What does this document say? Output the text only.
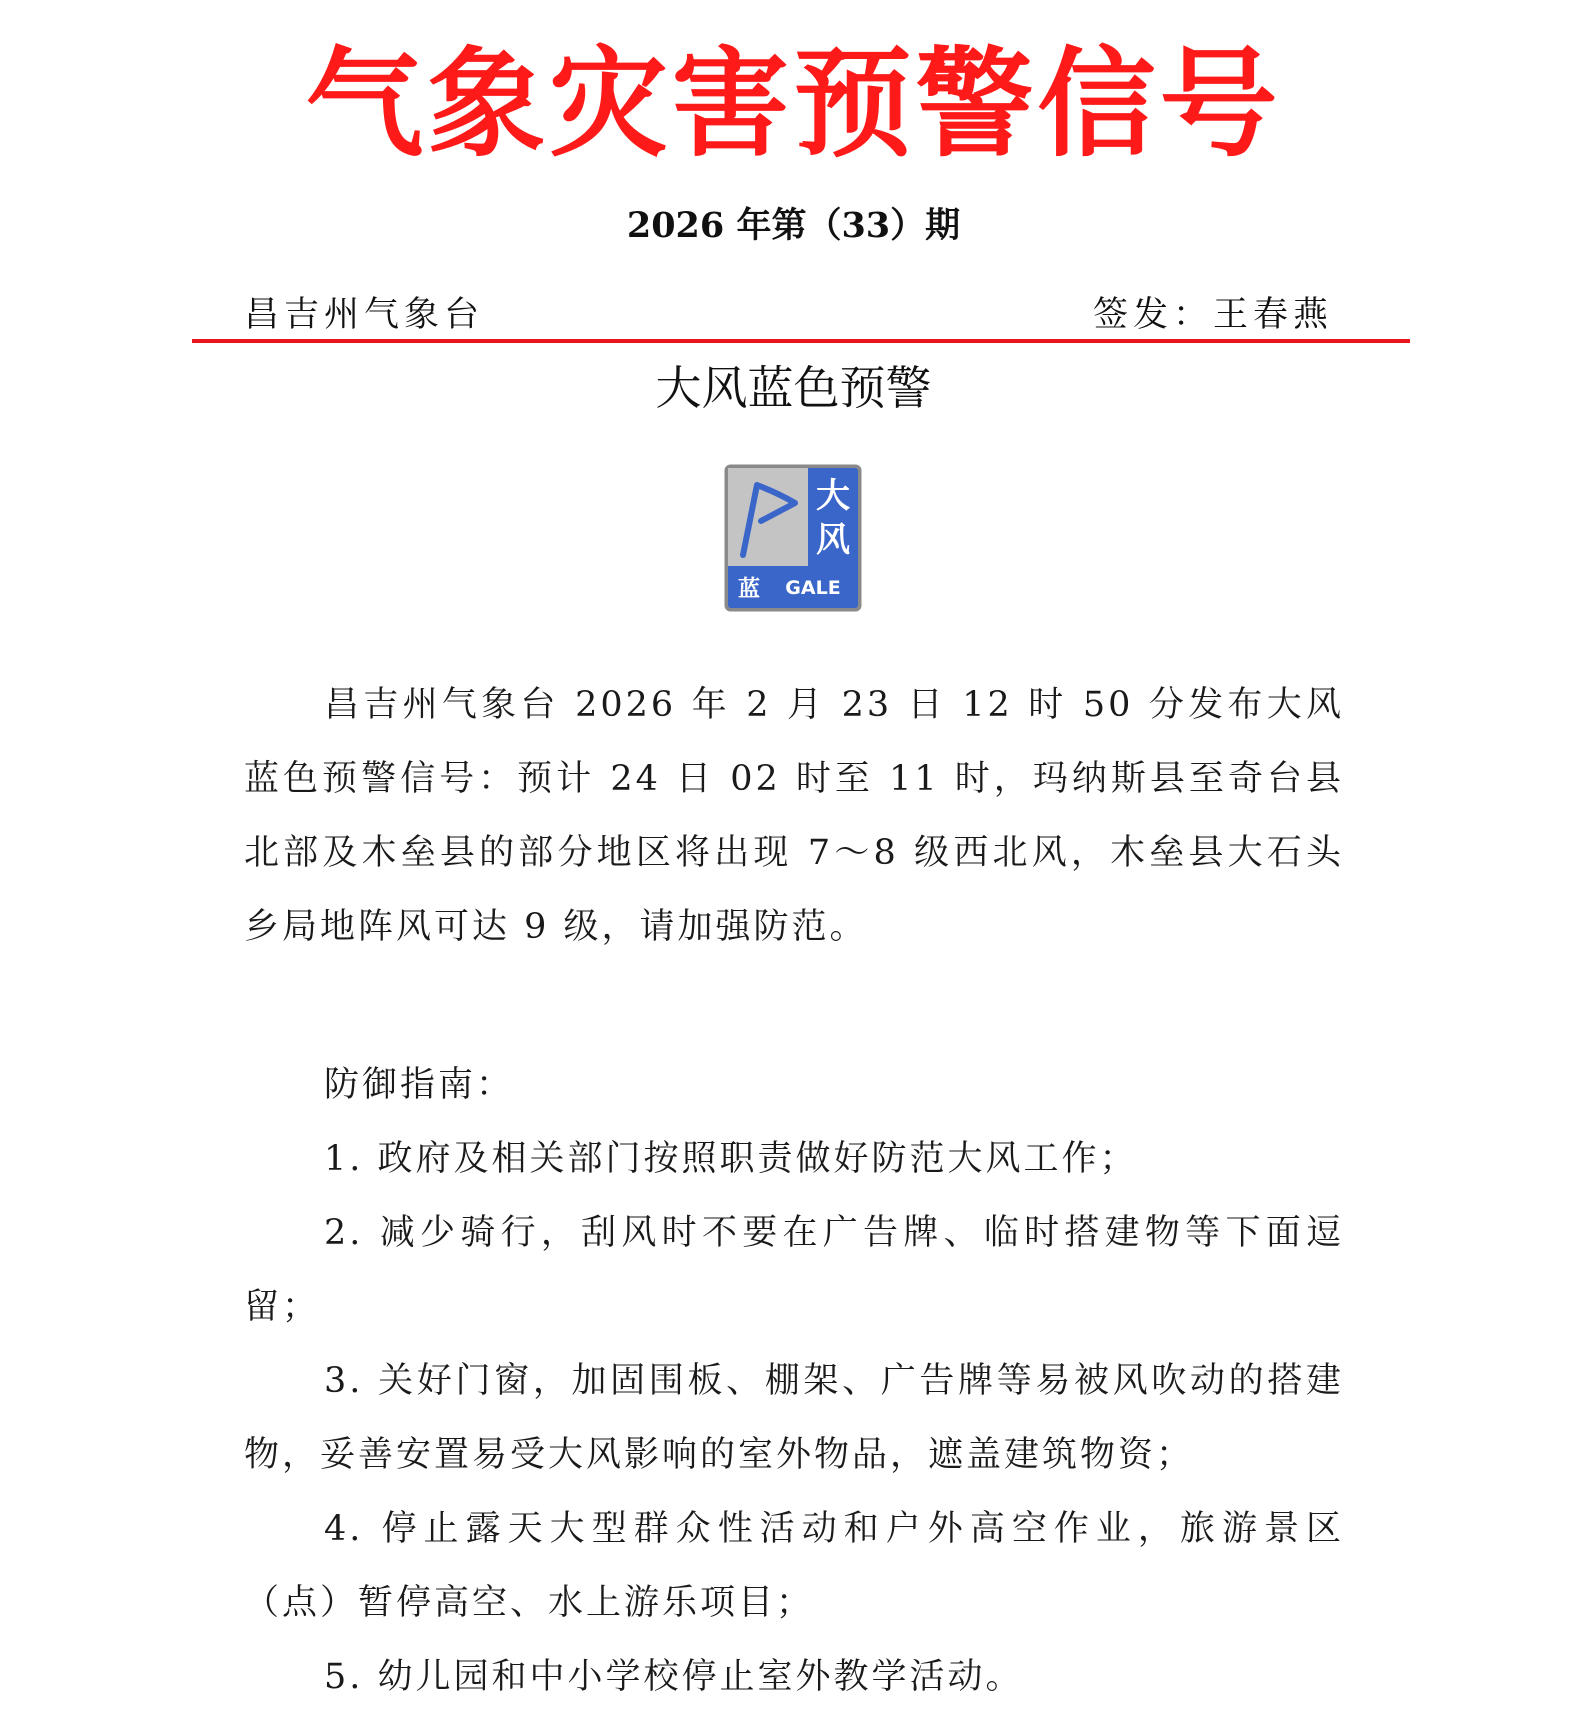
气象灾害预警信号
2026 年第（33）期
昌吉州气象台	签发：王春燕
大风蓝色预警
大
风
蓝 GALE

昌吉州气象台 2026 年 2 月 23 日 12 时 50 分发布大风蓝色预警信号：预计 24 日 02 时至 11 时，玛纳斯县至奇台县北部及木垒县的部分地区将出现 7～8 级西北风，木垒县大石头乡局地阵风可达 9 级，请加强防范。

防御指南：

1. 政府及相关部门按照职责做好防范大风工作；

2. 减少骑行，刮风时不要在广告牌、临时搭建物等下面逗留；

3. 关好门窗，加固围板、棚架、广告牌等易被风吹动的搭建物，妥善安置易受大风影响的室外物品，遮盖建筑物资；

4. 停止露天大型群众性活动和户外高空作业，旅游景区（点）暂停高空、水上游乐项目；

5. 幼儿园和中小学校停止室外教学活动。
